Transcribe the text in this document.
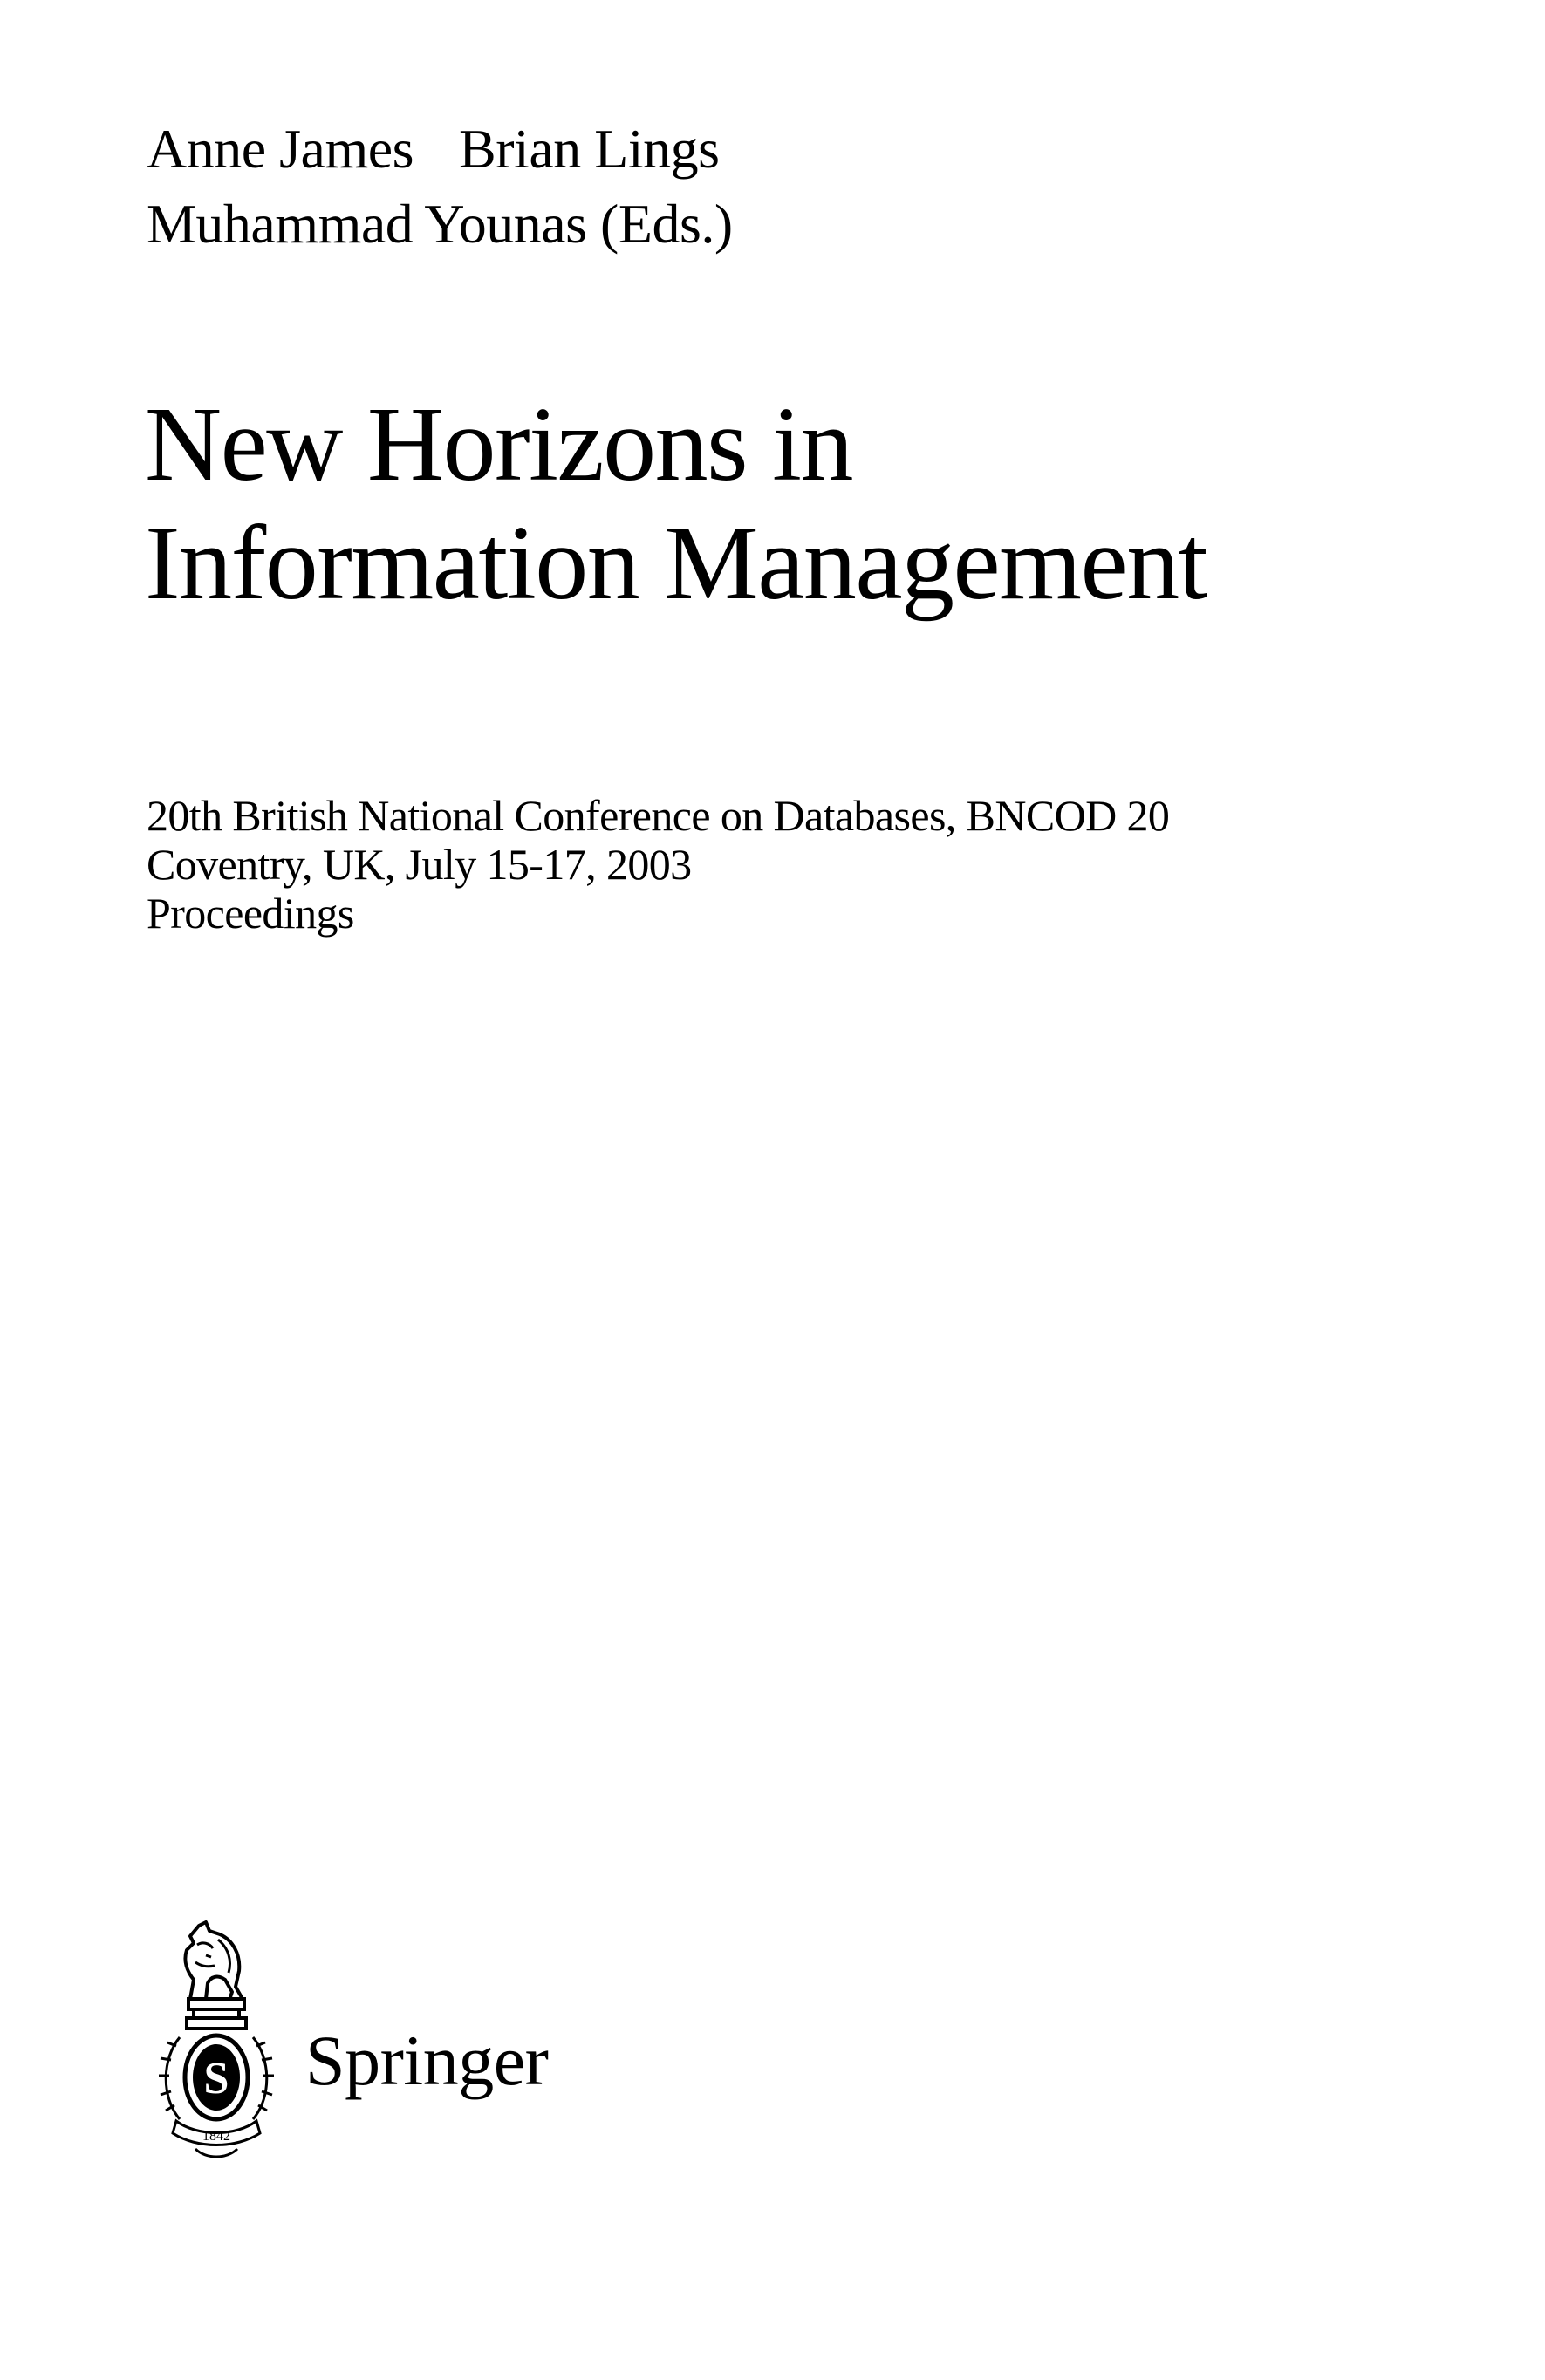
Anne James Brian Lings
Muhammad Younas (Eds.)
New Horizons in
Information Management
20th British National Conference on Databases, BNCOD 20
Coventry, UK, July 15-17, 2003
Proceedings
S
1842
Springer
